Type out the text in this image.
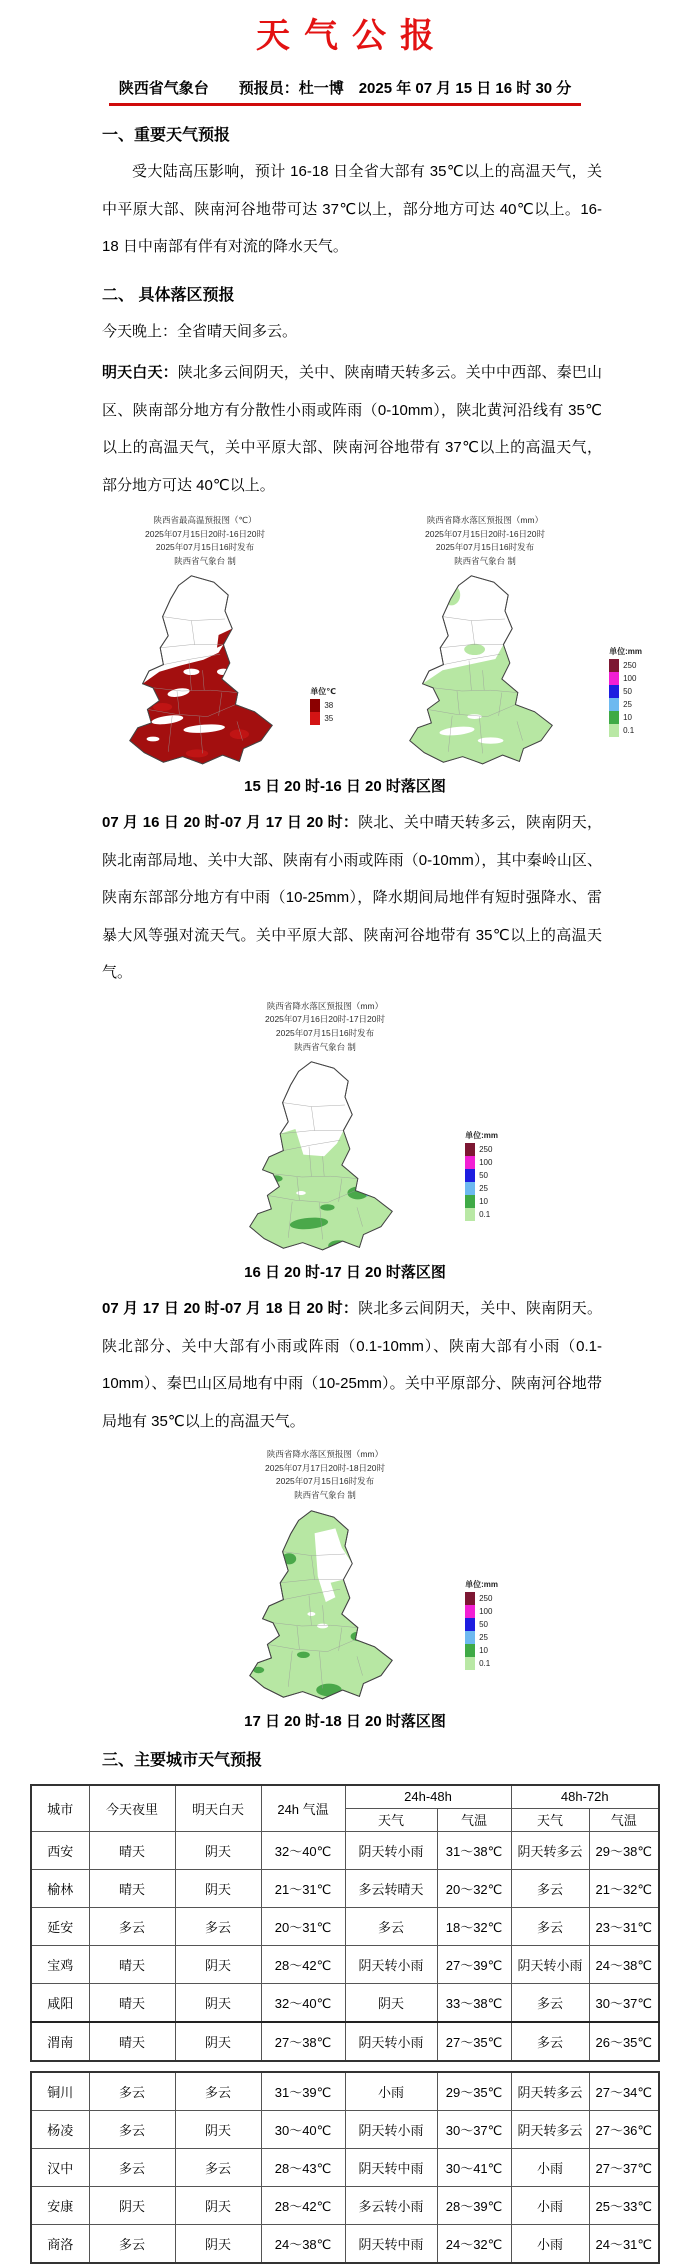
天气公报
陕西省气象台　　预报员：杜一博　2025 年 07 月 15 日 16 时 30 分
一、重要天气预报

受大陆高压影响，预计 16-18 日全省大部有 35℃以上的高温天气，关中平原大部、陕南河谷地带可达 37℃以上，部分地方可达 40℃以上。16-18 日中南部有伴有对流的降水天气。

二、 具体落区预报

今天晚上：全省晴天间多云。

明天白天：陕北多云间阴天，关中、陕南晴天转多云。关中中西部、秦巴山区、陕南部分地方有分散性小雨或阵雨（0-10mm），陕北黄河沿线有 35℃以上的高温天气，关中平原大部、陕南河谷地带有 37℃以上的高温天气，部分地方可达 40℃以上。

陕西省最高温预报图（℃）
2025年07月15日20时-16日20时
2025年07月15日16时发布
陕西省气象台 制
单位℃
38
35
陕西省降水落区预报图（mm）
2025年07月15日20时-16日20时
2025年07月15日16时发布
陕西省气象台 制
单位:mm
250
100
50
25
10
0.1

15 日 20 时-16 日 20 时落区图

07 月 16 日 20 时-07 月 17 日 20 时：陕北、关中晴天转多云，陕南阴天，陕北南部局地、关中大部、陕南有小雨或阵雨（0-10mm），其中秦岭山区、陕南东部部分地方有中雨（10-25mm），降水期间局地伴有短时强降水、雷暴大风等强对流天气。关中平原大部、陕南河谷地带有 35℃以上的高温天气。

陕西省降水落区预报图（mm）
2025年07月16日20时-17日20时
2025年07月15日16时发布
陕西省气象台 制
单位:mm
250
100
50
25
10
0.1

16 日 20 时-17 日 20 时落区图

07 月 17 日 20 时-07 月 18 日 20 时：陕北多云间阴天，关中、陕南阴天。陕北部分、关中大部有小雨或阵雨（0.1-10mm）、陕南大部有小雨（0.1-10mm）、秦巴山区局地有中雨（10-25mm）。关中平原部分、陕南河谷地带局地有 35℃以上的高温天气。

陕西省降水落区预报图（mm）
2025年07月17日20时-18日20时
2025年07月15日16时发布
陕西省气象台 制
单位:mm
250
100
50
25
10
0.1

17 日 20 时-18 日 20 时落区图

三、主要城市天气预报
城市	今天夜里	明天白天	24h 气温	24h-48h		48h-72h	
				天气	气温	天气	气温
西安	晴天	阴天	32～40℃	阴天转小雨	31～38℃	阴天转多云	29～38℃
榆林	晴天	阴天	21～31℃	多云转晴天	20～32℃	多云	21～32℃
延安	多云	多云	20～31℃	多云	18～32℃	多云	23～31℃
宝鸡	晴天	阴天	28～42℃	阴天转小雨	27～39℃	阴天转小雨	24～38℃
咸阳	晴天	阴天	32～40℃	阴天	33～38℃	多云	30～37℃
渭南	晴天	阴天	27～38℃	阴天转小雨	27～35℃	多云	26～35℃
铜川	多云	多云	31～39℃	小雨	29～35℃	阴天转多云	27～34℃
杨凌	多云	阴天	30～40℃	阴天转小雨	30～37℃	阴天转多云	27～36℃
汉中	多云	多云	28～43℃	阴天转中雨	30～41℃	小雨	27～37℃
安康	阴天	阴天	28～42℃	多云转小雨	28～39℃	小雨	25～33℃
商洛	多云	阴天	24～38℃	阴天转中雨	24～32℃	小雨	24～31℃
